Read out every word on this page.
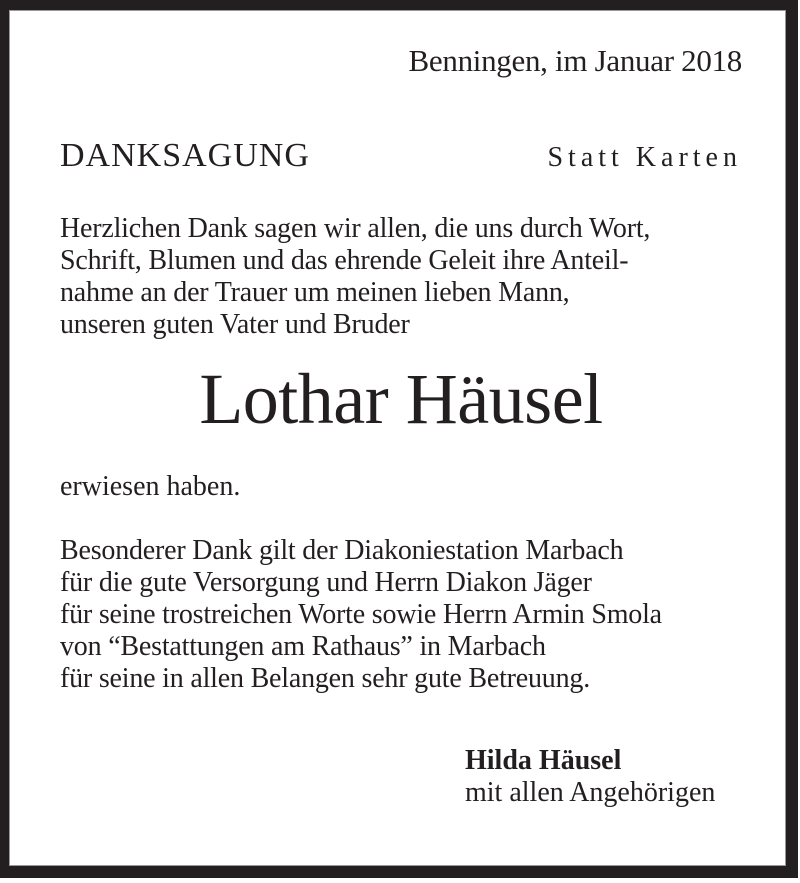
Benningen, im Januar 2018
DANKSAGUNG	Statt Karten
Herzlichen Dank sagen wir allen, die uns durch Wort,
Schrift, Blumen und das ehrende Geleit ihre Anteil-
nahme an der Trauer um meinen lieben Mann,
unseren guten Vater und Bruder
Lothar Häusel
erwiesen haben.
Besonderer Dank gilt der Diakoniestation Marbach
für die gute Versorgung und Herrn Diakon Jäger
für seine trostreichen Worte sowie Herrn Armin Smola
von “Bestattungen am Rathaus” in Marbach
für seine in allen Belangen sehr gute Betreuung.
Hilda Häusel
mit allen Angehörigen
